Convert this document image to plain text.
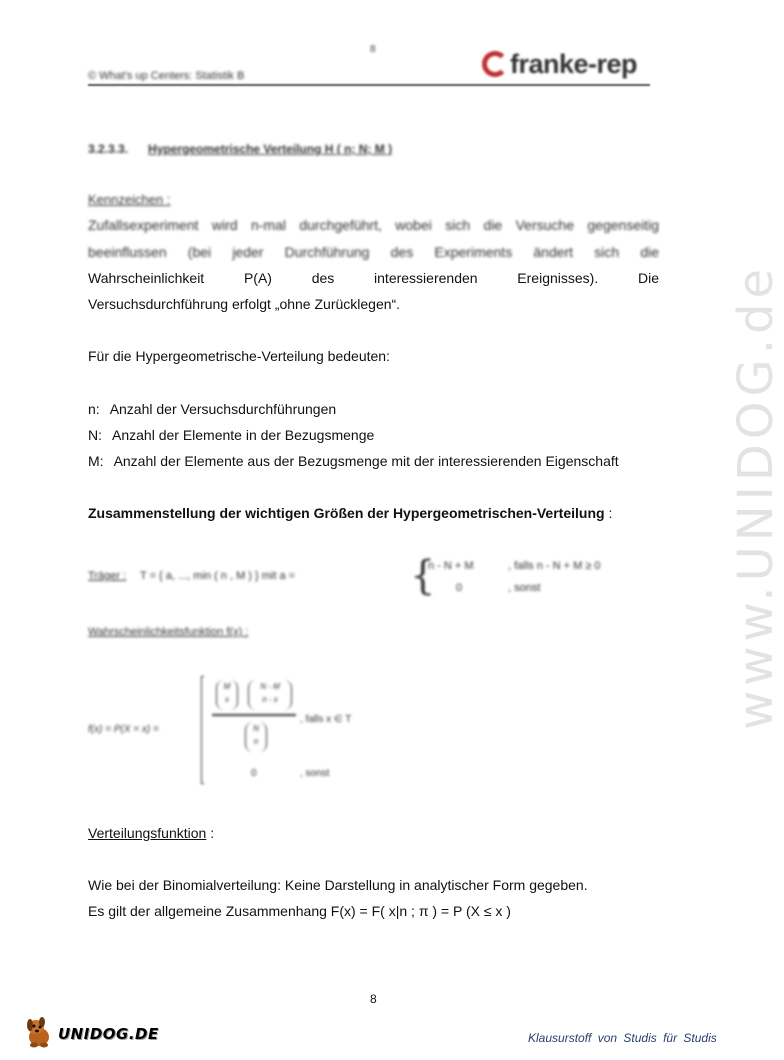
www.UNIDOG.de
8
© What's up Centers: Statistik B	franke-rep
3.2.3.3. Hypergeometrische Verteilung H ( n; N; M )
Kennzeichen :
Zufallsexperiment wird n-mal durchgeführt, wobei sich die Versuche gegenseitig
beeinflussen (bei jeder Durchführung des Experiments ändert sich die
Wahrscheinlichkeit P(A) des interessierenden Ereignisses). Die
Versuchsdurchführung erfolgt „ohne Zurücklegen“.
Für die Hypergeometrische-Verteilung bedeuten:
n: Anzahl der Versuchsdurchführungen
N: Anzahl der Elemente in der Bezugsmenge
M: Anzahl der Elemente aus der Bezugsmenge mit der interessierenden Eigenschaft
Zusammenstellung der wichtigen Größen der Hypergeometrischen-Verteilung :
Träger : T = { a, ..., min ( n , M ) } mit a =	{
n - N + M	, falls n - N + M ≥ 0
0	, sonst
Wahrscheinlichkeitsfunktion f(x) :
f(x) = P(X = x) =
M
x
N - M
n - x
N
n
, falls x ∈ T
0	, sonst
Verteilungsfunktion :
Wie bei der Binomialverteilung: Keine Darstellung in analytischer Form gegeben.
Es gilt der allgemeine Zusammenhang F(x) = F( x|n ; π ) = P (X ≤ x )
8
UNIDOG.DE	Klausurstoff von Studis für Studis
